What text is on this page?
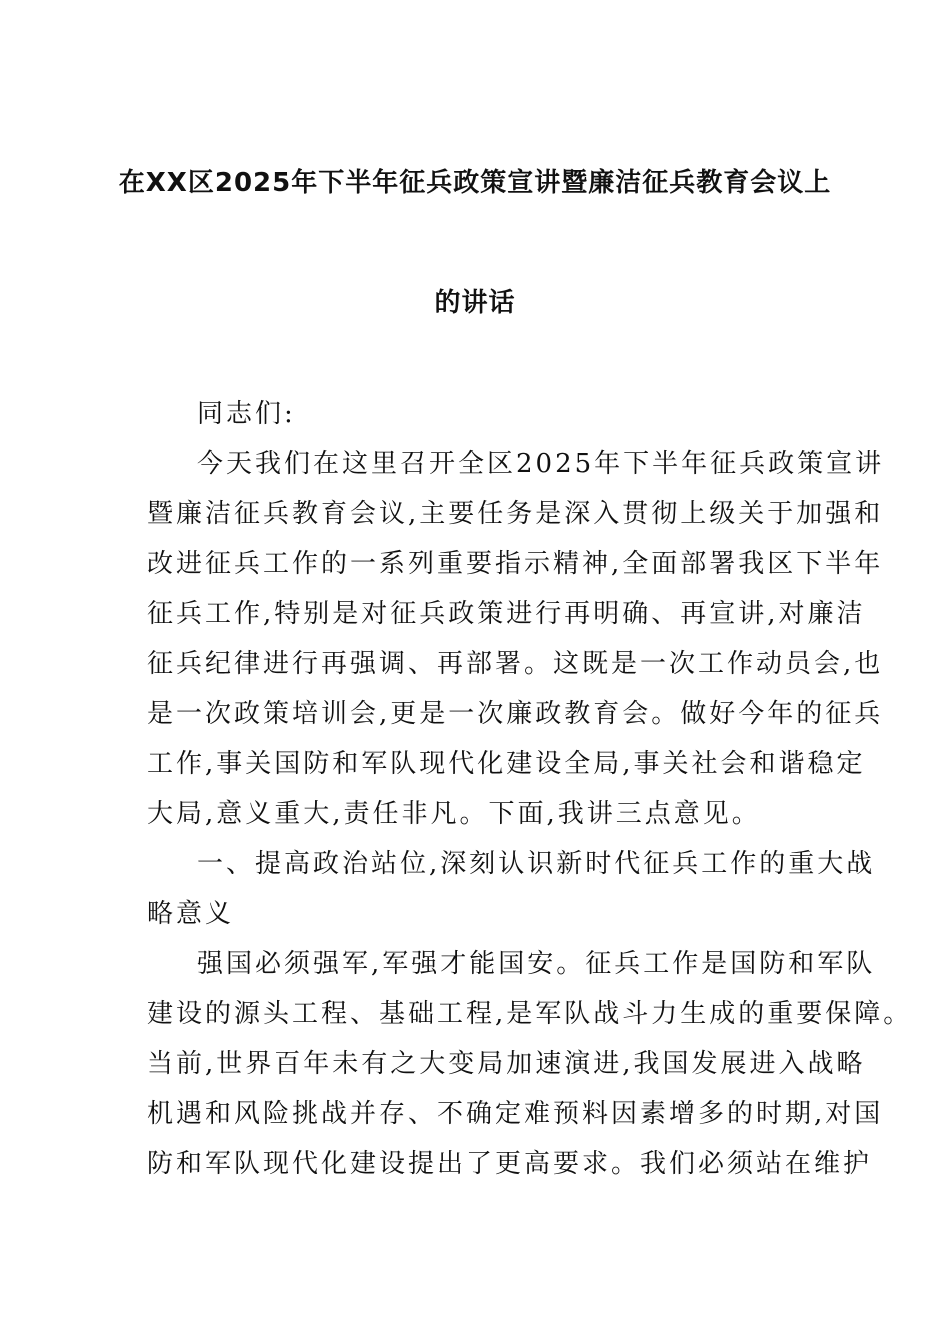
在XX区2025年下半年征兵政策宣讲暨廉洁征兵教育会议上
的讲话
同志们:
今天我们在这里召开全区2025年下半年征兵政策宣讲
暨廉洁征兵教育会议,主要任务是深入贯彻上级关于加强和
改进征兵工作的一系列重要指示精神,全面部署我区下半年
征兵工作,特别是对征兵政策进行再明确、再宣讲,对廉洁
征兵纪律进行再强调、再部署。这既是一次工作动员会,也
是一次政策培训会,更是一次廉政教育会。做好今年的征兵
工作,事关国防和军队现代化建设全局,事关社会和谐稳定
大局,意义重大,责任非凡。下面,我讲三点意见。
一、提高政治站位,深刻认识新时代征兵工作的重大战
略意义
强国必须强军,军强才能国安。征兵工作是国防和军队
建设的源头工程、基础工程,是军队战斗力生成的重要保障。
当前,世界百年未有之大变局加速演进,我国发展进入战略
机遇和风险挑战并存、不确定难预料因素增多的时期,对国
防和军队现代化建设提出了更高要求。我们必须站在维护
